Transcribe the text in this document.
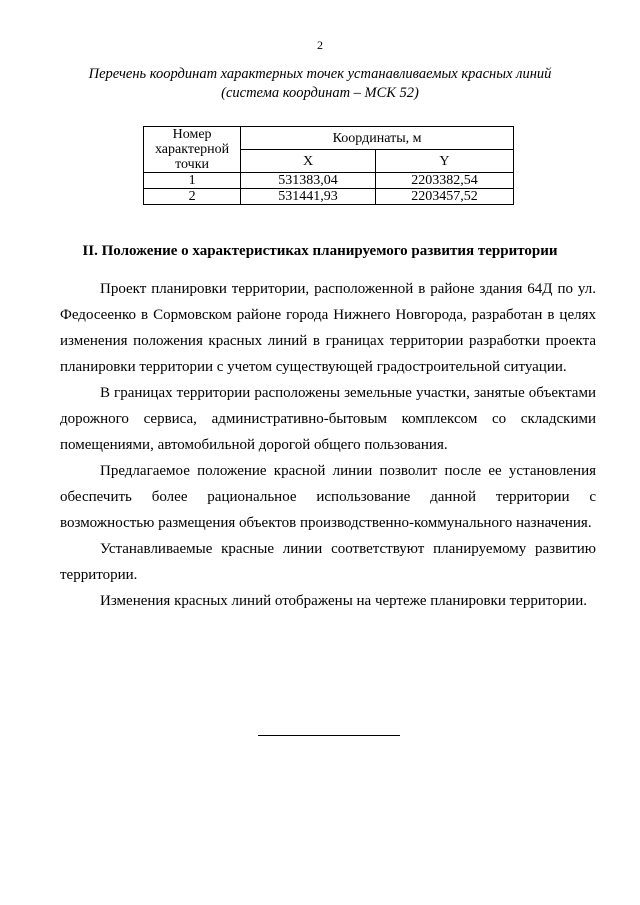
2
Перечень координат характерных точек устанавливаемых красных линий
(система координат – МСК 52)
Номер характерной точки	Координаты, м	
	X	Y
1	531383,04	2203382,54
2	531441,93	2203457,52
II. Положение о характеристиках планируемого развития территории

Проект планировки территории, расположенной в районе здания 64Д по ул. Федосеенко в Сормовском районе города Нижнего Новгорода, разработан в целях изменения положения красных линий в границах территории разработки проекта планировки территории с учетом существующей градостроительной ситуации.

В границах территории расположены земельные участки, занятые объектами дорожного сервиса, административно-бытовым комплексом со складскими помещениями, автомобильной дорогой общего пользования.

Предлагаемое положение красной линии позволит после ее установления обеспечить более рациональное использование данной территории с возможностью размещения объектов производственно-коммунального назначения.

Устанавливаемые красные линии соответствуют планируемому развитию территории.

Изменения красных линий отображены на чертеже планировки территории.
